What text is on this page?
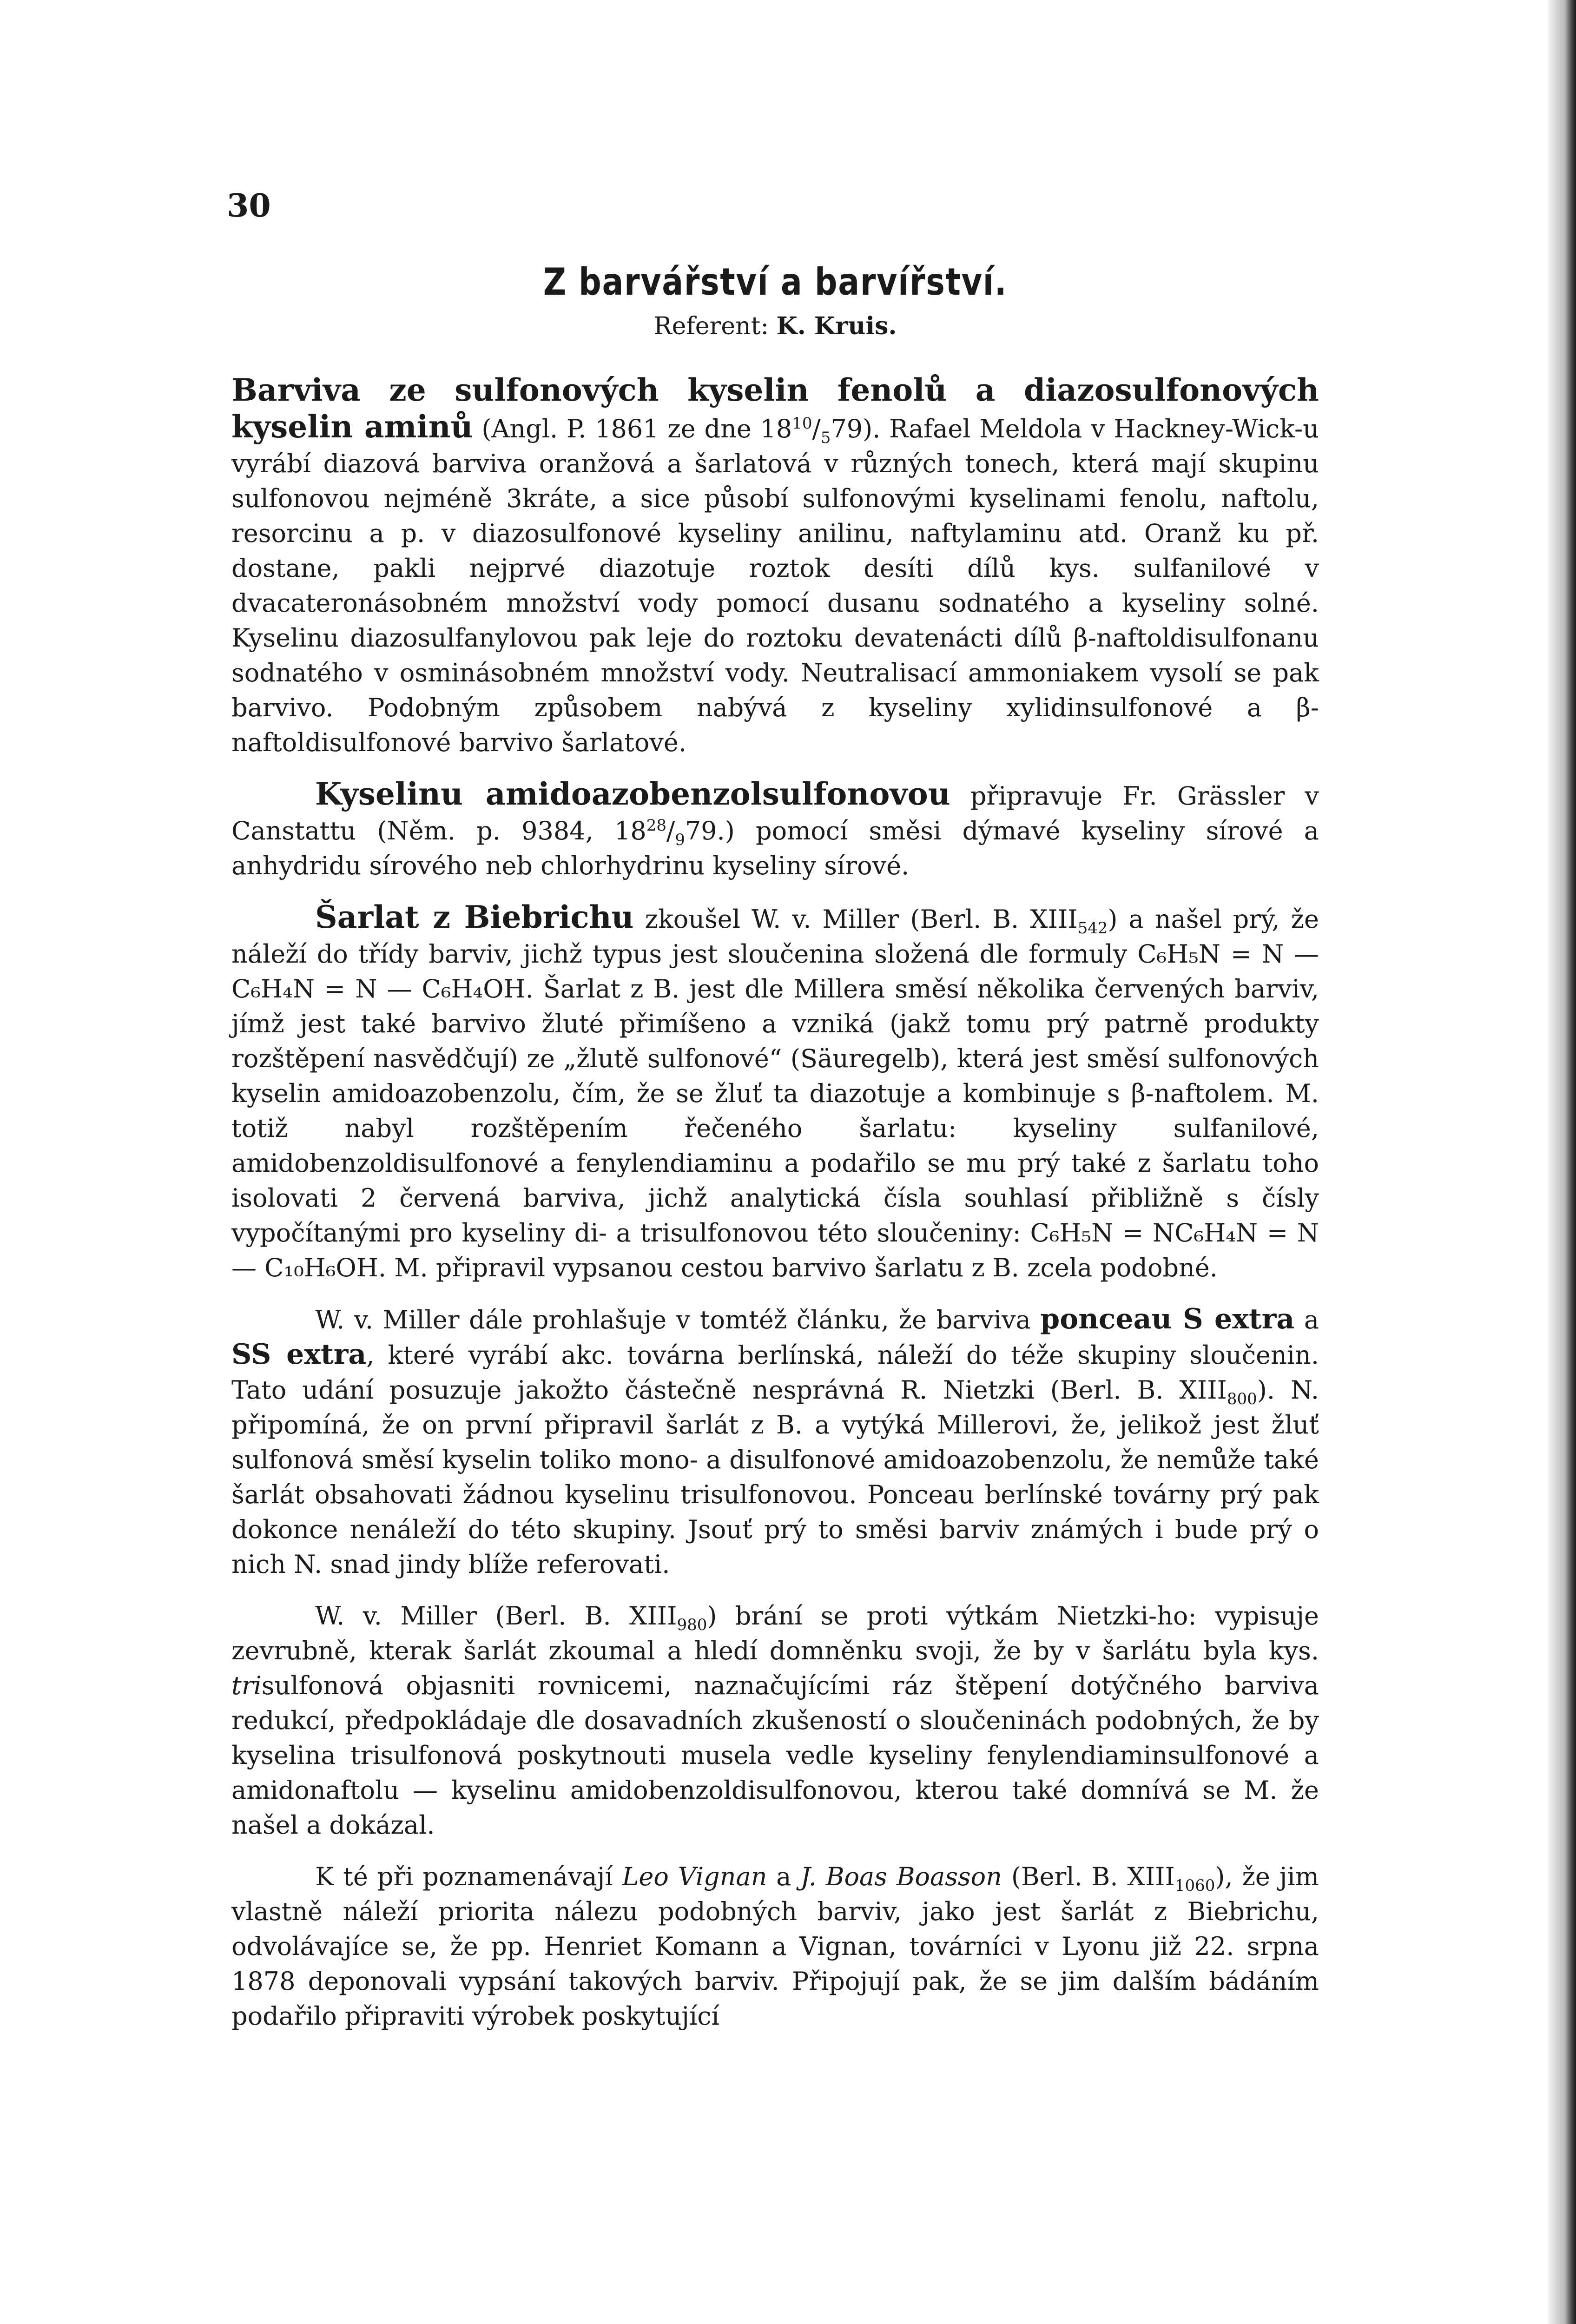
30
Z barvářství a barvířství.
Referent: K. Kruis.

Barviva ze sulfonových kyselin fenolů a diazosulfonových kyselin aminů (Angl. P. 1861 ze dne $18^{10}/_579$). Rafael Meldola v Hackney-Wick-u vyrábí diazová barviva oranžová a šarlatová v různých tonech, která mají skupinu sulfonovou nejméně 3kráte, a sice působí sulfonovými kyselinami fenolu, naftolu, resorcinu a p. v diazosulfonové kyseliny anilinu, naftylaminu atd. Oranž ku př. dostane, pakli nejprvé diazotuje roztok desíti dílů kys. sulfanilové v dvacateronásobném množství vody pomocí dusanu sodnatého a kyseliny solné. Kyselinu diazosulfanylovou pak leje do roztoku devatenácti dílů β-naftoldisulfonanu sodnatého v osminásobném množství vody. Neutralisací ammoniakem vysolí se pak barvivo. Podobným způsobem nabývá z kyseliny xylidinsulfonové a β-naftoldisulfonové barvivo šarlatové.

Kyselinu amidoazobenzolsulfonovou připravuje Fr. Grässler v Canstattu (Něm. p. 9384, $18^{28}/_979$.) pomocí směsi dýmavé kyseliny sírové a anhydridu sírového neb chlorhydrinu kyseliny sírové.

Šarlat z Biebrichu zkoušel W. v. Miller (Berl. B. $XIII_{542}$) a našel prý, že náleží do třídy barviv, jichž typus jest sloučenina složená dle formuly C₆H₅N = N — C₆H₄N = N — C₆H₄OH. Šarlat z B. jest dle Millera směsí několika červených barviv, jímž jest také barvivo žluté přimíšeno a vzniká (jakž tomu prý patrně produkty rozštěpení nasvědčují) ze „žlutě sulfonové“ (Säuregelb), která jest směsí sulfonových kyselin amidoazobenzolu, čím, že se žluť ta diazotuje a kombinuje s β-naftolem. M. totiž nabyl rozštěpením řečeného šarlatu: kyseliny sulfanilové, amidobenzoldisulfonové a fenylendiaminu a podařilo se mu prý také z šarlatu toho isolovati 2 červená barviva, jichž analytická čísla souhlasí přibližně s čísly vypočítanými pro kyseliny di- a trisulfonovou této sloučeniny: C₆H₅N = NC₆H₄N = N — C₁₀H₆OH. M. připravil vypsanou cestou barvivo šarlatu z B. zcela podobné.

W. v. Miller dále prohlašuje v tomtéž článku, že barviva ponceau S extra a SS extra, které vyrábí akc. továrna berlínská, náleží do téže skupiny sloučenin. Tato udání posuzuje jakožto částečně nesprávná R. Nietzki (Berl. B. $XIII_{800}$). N. připomíná, že on první připravil šarlát z B. a vytýká Millerovi, že, jelikož jest žluť sulfonová směsí kyselin toliko mono- a disulfonové amidoazobenzolu, že nemůže také šarlát obsahovati žádnou kyselinu trisulfonovou. Ponceau berlínské továrny prý pak dokonce nenáleží do této skupiny. Jsouť prý to směsi barviv známých i bude prý o nich N. snad jindy blíže referovati.

W. v. Miller (Berl. B. $XIII_{980}$) brání se proti výtkám Nietzki-ho: vypisuje zevrubně, kterak šarlát zkoumal a hledí domněnku svoji, že by v šarlátu byla kys. trisulfonová objasniti rovnicemi, naznačujícími ráz štěpení dotýčného barviva redukcí, předpokládaje dle dosavadních zkušeností o sloučeninách podobných, že by kyselina trisulfonová poskytnouti musela vedle kyseliny fenylendiaminsulfonové a amidonaftolu — kyselinu amidobenzoldisulfonovou, kterou také domnívá se M. že našel a dokázal.

K té při poznamenávají Leo Vignan a J. Boas Boasson (Berl. B. $XIII_{1060}$), že jim vlastně náleží priorita nálezu podobných barviv, jako jest šarlát z Biebrichu, odvolávajíce se, že pp. Henriet Komann a Vignan, továrníci v Lyonu již 22. srpna 1878 deponovali vypsání takových barviv. Připojují pak, že se jim dalším bádáním podařilo připraviti výrobek poskytující
